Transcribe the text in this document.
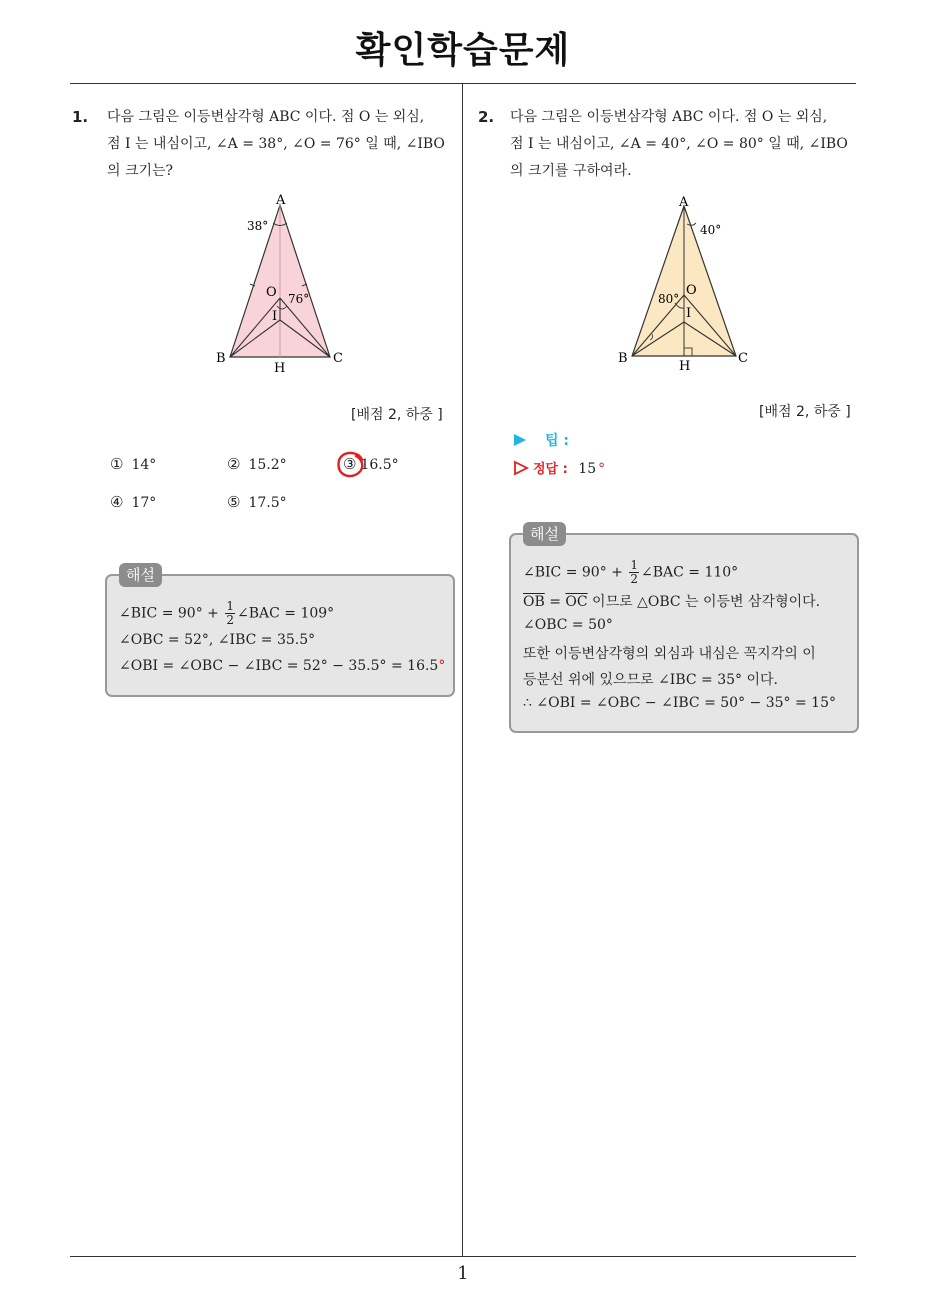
확인학습문제
1
1. 다음 그림은 이등변삼각형 ABC 이다. 점 O 는 외심,
점 I 는 내심이고, ∠A = 38°, ∠O = 76° 일 때, ∠IBO
의 크기는?
A
B	C
O
I
H
38°
76°
[배점 2, 하중 ]
① 14°	② 15.2°	③ 16.5°
④ 17°	⑤ 17.5°
∠BIC = $90^\circ + \frac{1}{2}$ ∠BAC = 109°
∠OBC = 52°, ∠IBC = 35.5°
∠OBI = ∠OBC − ∠IBC = 52° − 35.5° = 16.5°
해설
2. 다음 그림은 이등변삼각형 ABC 이다. 점 O 는 외심,
점 I 는 내심이고, ∠A = 40°, ∠O = 80° 일 때, ∠IBO
의 크기를 구하여라.
A
B	C
O
I
H
40°
80°
[배점 2, 하중 ]
팁 :
정답 : 15 °
∠BIC = $90^\circ + \frac{1}{2}$ ∠BAC = 110°
$\overline{OB} = \overline{OC}$ 이므로 △OBC 는 이등변 삼각형이다.
∠OBC = 50°
또한 이등변삼각형의 외심과 내심은 꼭지각의 이
등분선 위에 있으므로 ∠IBC = 35° 이다.
∴ ∠OBI = ∠OBC − ∠IBC = 50° − 35° = 15°
해설
